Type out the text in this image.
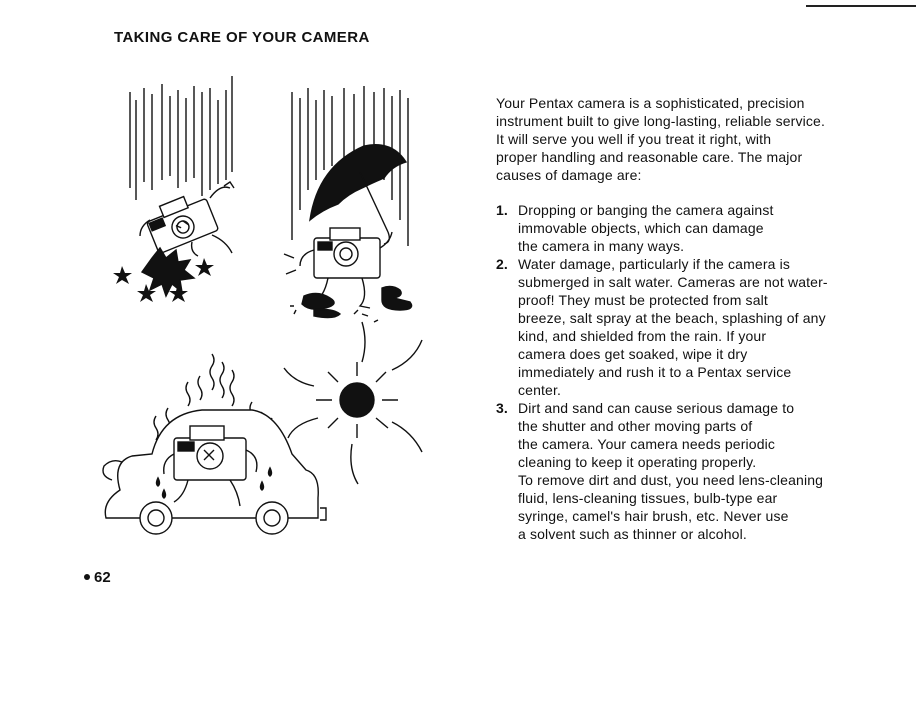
TAKING CARE OF YOUR CAMERA

Your Pentax camera is a sophisticated, precision
instrument built to give long-lasting, reliable service.
It will serve you well if you treat it right, with
proper handling and reasonable care. The major
causes of damage are:

1. Dropping or banging the camera against
immovable objects, which can damage
the camera in many ways.
2. Water damage, particularly if the camera is
submerged in salt water. Cameras are not water-
proof! They must be protected from salt
breeze, salt spray at the beach, splashing of any
kind, and shielded from the rain. If your
camera does get soaked, wipe it dry
immediately and rush it to a Pentax service
center.
3. Dirt and sand can cause serious damage to
the shutter and other moving parts of
the camera. Your camera needs periodic
cleaning to keep it operating properly.
To remove dirt and dust, you need lens-cleaning
fluid, lens-cleaning tissues, bulb-type ear
syringe, camel's hair brush, etc. Never use
a solvent such as thinner or alcohol.
62
